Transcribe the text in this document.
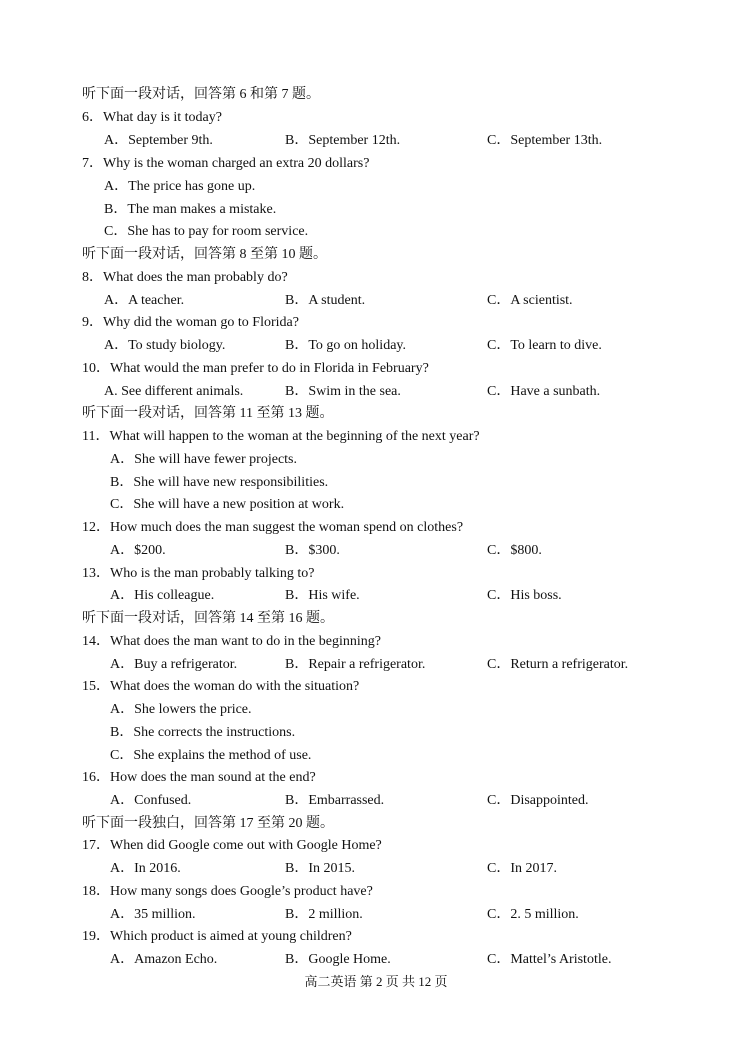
听下面一段对话，回答第 6 和第 7 题。
6．What day is it today?
A．September 9th.	B．September 12th.	C．September 13th.
7．Why is the woman charged an extra 20 dollars?
A．The price has gone up.
B．The man makes a mistake.
C．She has to pay for room service.
听下面一段对话，回答第 8 至第 10 题。
8．What does the man probably do?
A．A teacher.	B．A student.	C．A scientist.
9．Why did the woman go to Florida?
A．To study biology.	B．To go on holiday.	C．To learn to dive.
10．What would the man prefer to do in Florida in February?
A. See different animals.	B．Swim in the sea.	C．Have a sunbath.
听下面一段对话，回答第 11 至第 13 题。
11．What will happen to the woman at the beginning of the next year?
A．She will have fewer projects.
B．She will have new responsibilities.
C．She will have a new position at work.
12．How much does the man suggest the woman spend on clothes?
A．$200.	B．$300.	C．$800.
13．Who is the man probably talking to?
A．His colleague.	B．His wife.	C．His boss.
听下面一段对话，回答第 14 至第 16 题。
14．What does the man want to do in the beginning?
A．Buy a refrigerator.	B．Repair a refrigerator.	C．Return a refrigerator.
15．What does the woman do with the situation?
A．She lowers the price.
B．She corrects the instructions.
C．She explains the method of use.
16．How does the man sound at the end?
A．Confused.	B．Embarrassed.	C．Disappointed.
听下面一段独白，回答第 17 至第 20 题。
17．When did Google come out with Google Home?
A．In 2016.	B．In 2015.	C．In 2017.
18．How many songs does Google’s product have?
A．35 million.	B．2 million.	C．2. 5 million.
19．Which product is aimed at young children?
A．Amazon Echo.	B．Google Home.	C．Mattel’s Aristotle.
高二英语 第 2 页 共 12 页
